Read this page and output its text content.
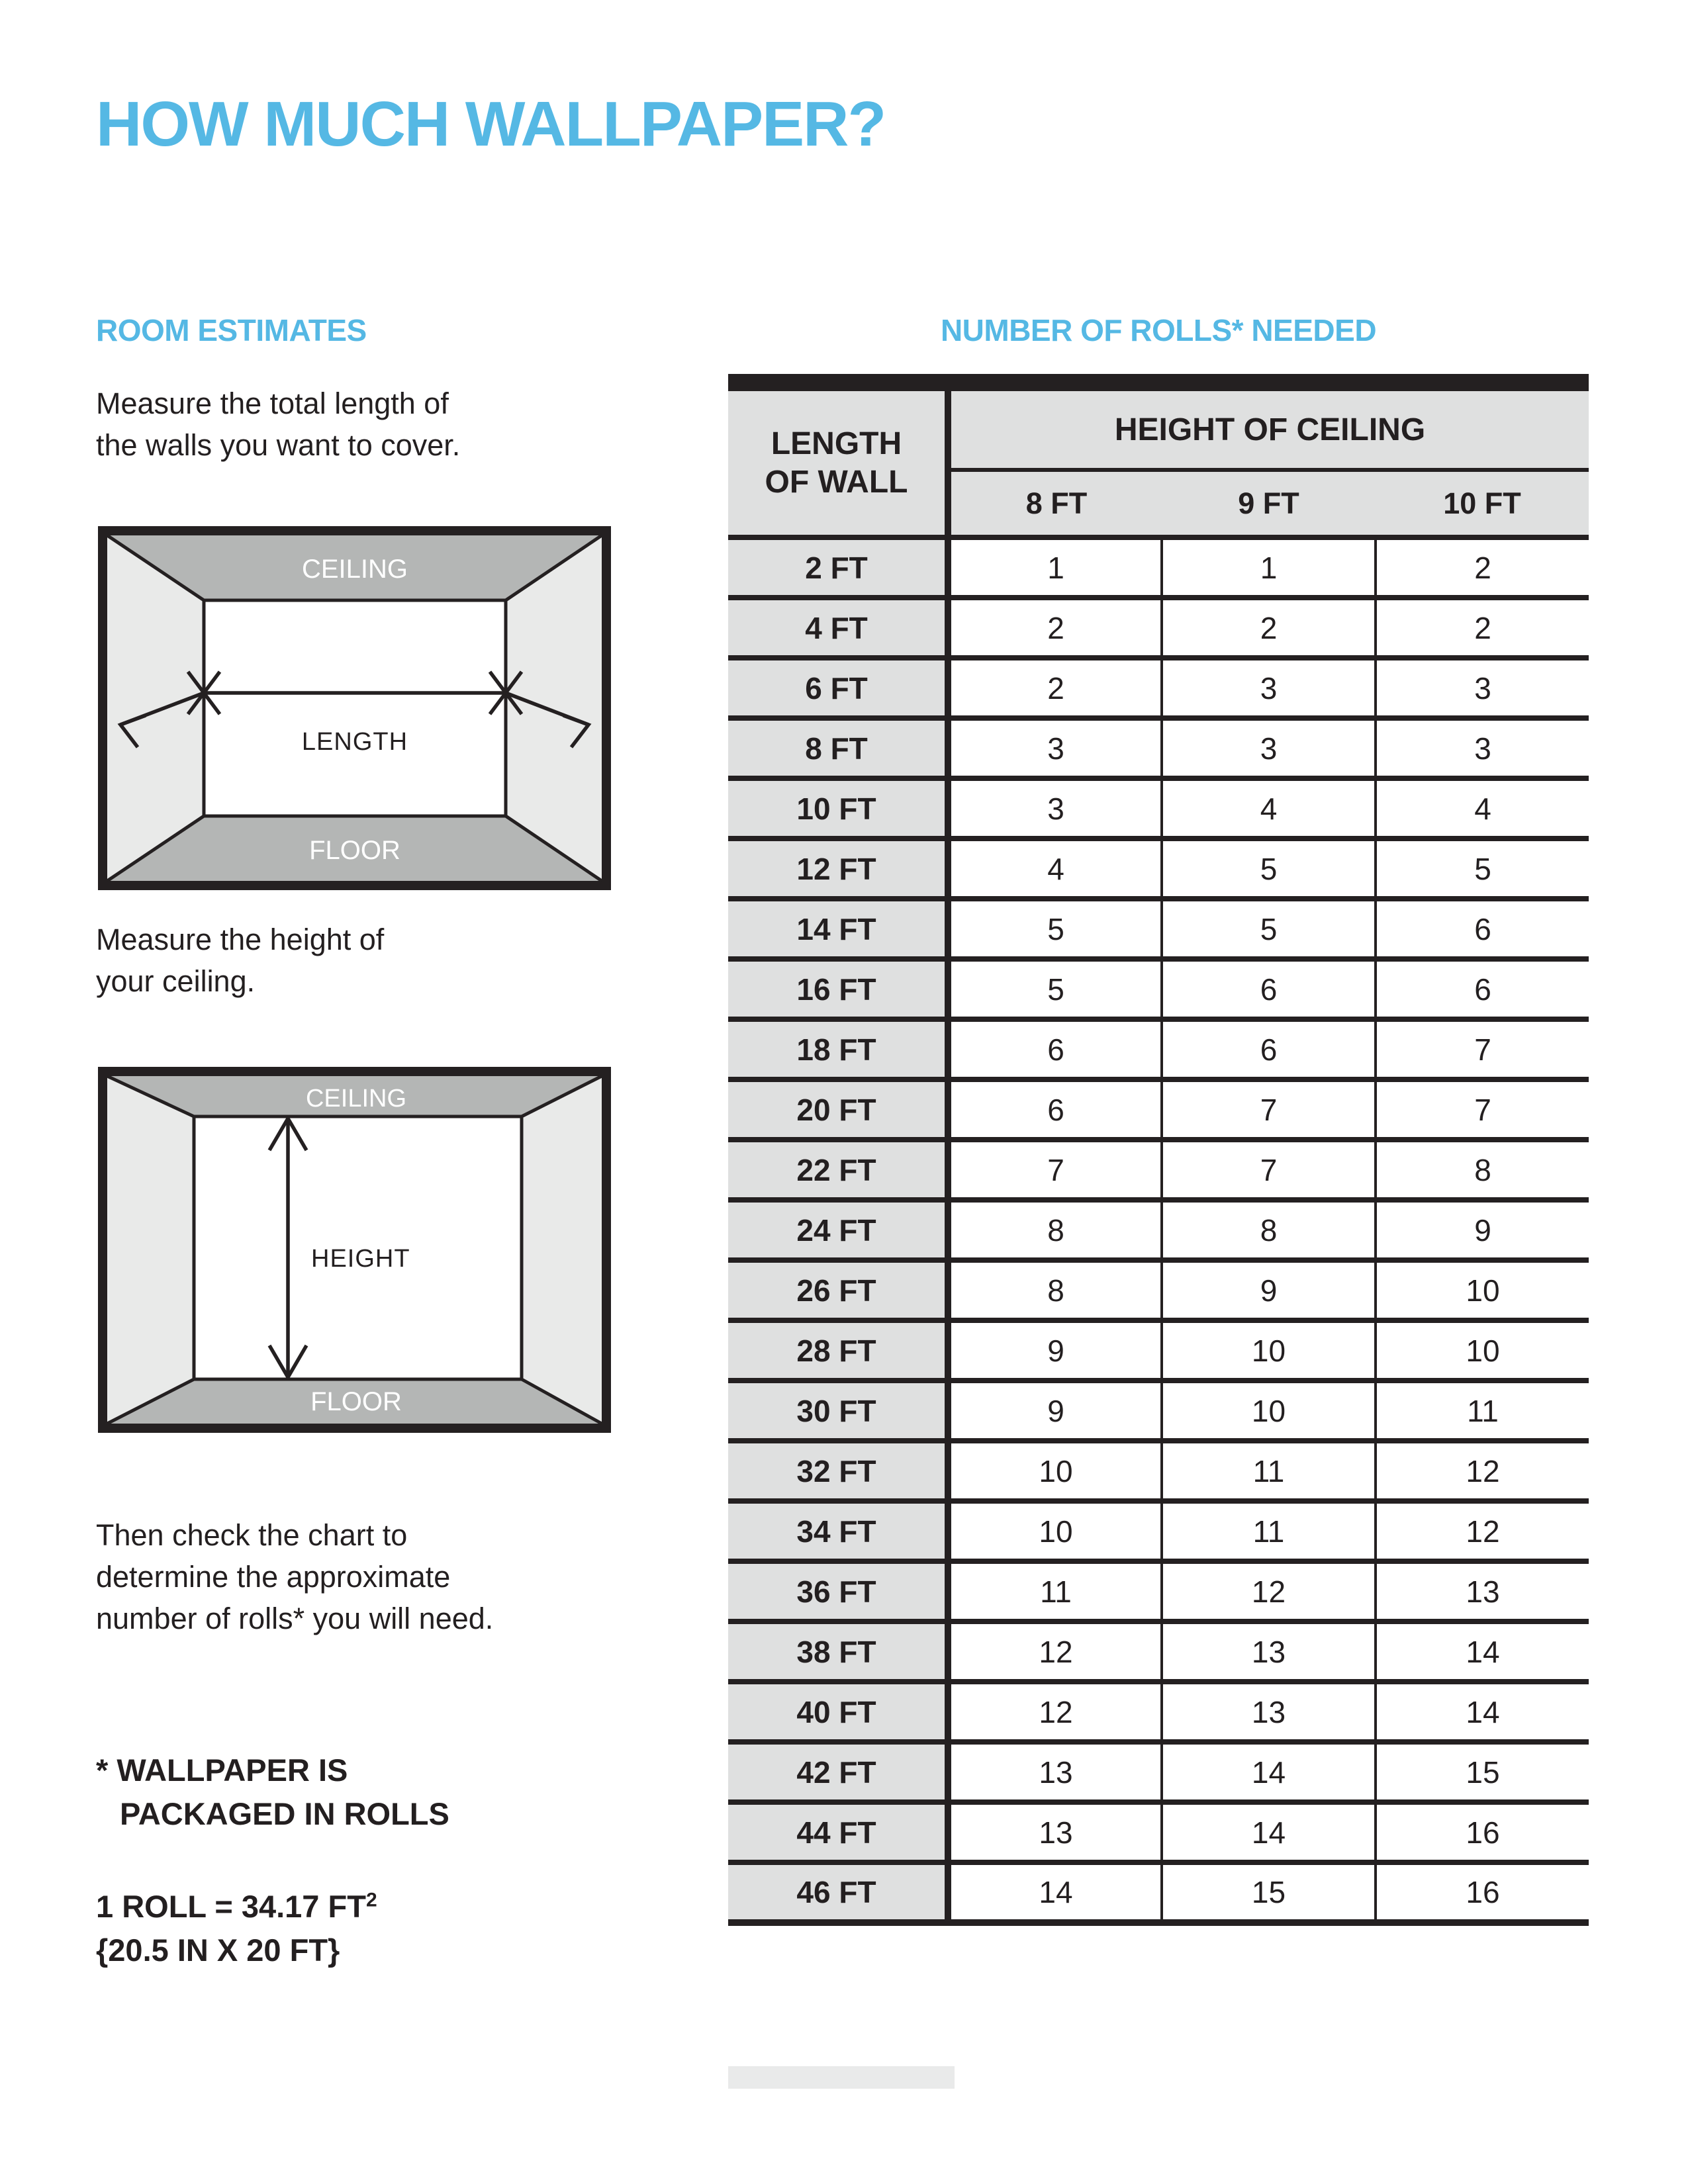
HOW MUCH WALLPAPER?
ROOM ESTIMATES	NUMBER OF ROLLS* NEEDED
Measure the total length of
the walls you want to cover.
CEILING
FLOOR
LENGTH
Measure the height of
your ceiling.
CEILING
FLOOR
HEIGHT
Then check the chart to
determine the approximate
number of rolls* you will need.
* WALLPAPER IS
PACKAGED IN ROLLS
1 ROLL = 34.17 $FT^2$
{20.5 IN X 20 FT}
LENGTH
OF WALL	HEIGHT OF CEILING		
	8 FT	9 FT	10 FT
2 FT	1	1	2
4 FT	2	2	2
6 FT	2	3	3
8 FT	3	3	3
10 FT	3	4	4
12 FT	4	5	5
14 FT	5	5	6
16 FT	5	6	6
18 FT	6	6	7
20 FT	6	7	7
22 FT	7	7	8
24 FT	8	8	9
26 FT	8	9	10
28 FT	9	10	10
30 FT	9	10	11
32 FT	10	11	12
34 FT	10	11	12
36 FT	11	12	13
38 FT	12	13	14
40 FT	12	13	14
42 FT	13	14	15
44 FT	13	14	16
46 FT	14	15	16
